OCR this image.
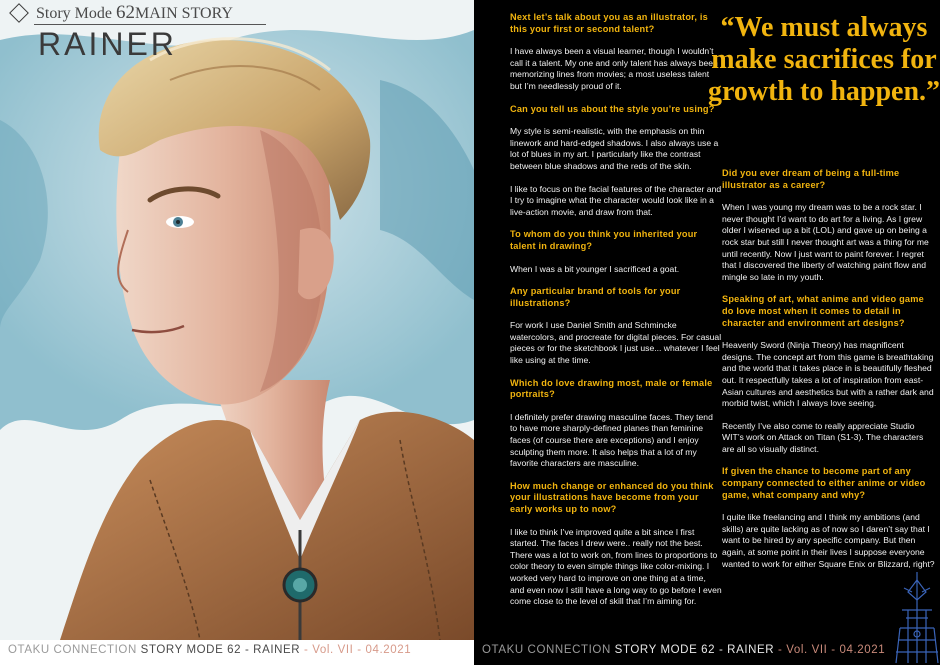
Story Mode 62MAIN STORY
RAINER
OTAKU CONNECTION STORY MODE 62 - RAINER - Vol. VII - 04.2021
Next let’s talk about you as an illustrator, is this your first or second talent?
I have always been a visual learner, though I wouldn’t call it a talent. My one and only talent has always been memorizing lines from movies; a most useless talent but I’m needlessly proud of it.
Can you tell us about the style you’re using?
My style is semi-realistic, with the emphasis on thin linework and hard-edged shadows. I also always use a lot of blues in my art. I particularly like the contrast between blue shadows and the reds of the skin.
I like to focus on the facial features of the character and I try to imagine what the character would look like in a live-action movie, and draw from that.
To whom do you think you inherited your talent in drawing?
When I was a bit younger I sacrificed a goat.
Any particular brand of tools for your illustrations?
For work I use Daniel Smith and Schmincke watercolors, and procreate for digital pieces. For casual pieces or for the sketchbook I just use... whatever I feel like using at the time.
Which do love drawing most, male or female portraits?
I definitely prefer drawing masculine faces. They tend to have more sharply-defined planes than feminine faces (of course there are exceptions) and I enjoy sculpting them more. It also helps that a lot of my favorite characters are masculine.
How much change or enhanced do you think your illustrations have become from your early works up to now?
I like to think I’ve improved quite a bit since I first started. The faces I drew were.. really not the best. There was a lot to work on, from lines to proportions to color theory to even simple things like color-mixing. I worked very hard to improve on one thing at a time, and even now I still have a long way to go before I even come close to the level of skill that I’m aiming for.
“We must always make sacrifices for growth to happen.”
Did you ever dream of being a full-time illustrator as a career?
When I was young my dream was to be a rock star. I never thought I’d want to do art for a living. As I grew older I wisened up a bit (LOL) and gave up on being a rock star but still I never thought art was a thing for me until recently. Now I just want to paint forever. I regret that I discovered the liberty of watching paint flow and mingle so late in my youth.
Speaking of art, what anime and video game do love most when it comes to detail in character and environment art designs?
Heavenly Sword (Ninja Theory) has magnificent designs. The concept art from this game is breathtaking and the world that it takes place in is beautifully fleshed out. It respectfully takes a lot of inspiration from east-Asian cultures and aesthetics but with a rather dark and morbid twist, which I always love seeing.
Recently I’ve also come to really appreciate Studio WIT’s work on Attack on Titan (S1-3). The characters are all so visually distinct.
If given the chance to become part of any company connected to either anime or video game, what company and why?
I quite like freelancing and I think my ambitions (and skills) are quite lacking as of now so I daren’t say that I want to be hired by any specific company. But then again, at some point in their lives I suppose everyone wanted to work for either Square Enix or Blizzard, right?
OTAKU CONNECTION STORY MODE 62 - RAINER - Vol. VII - 04.2021
